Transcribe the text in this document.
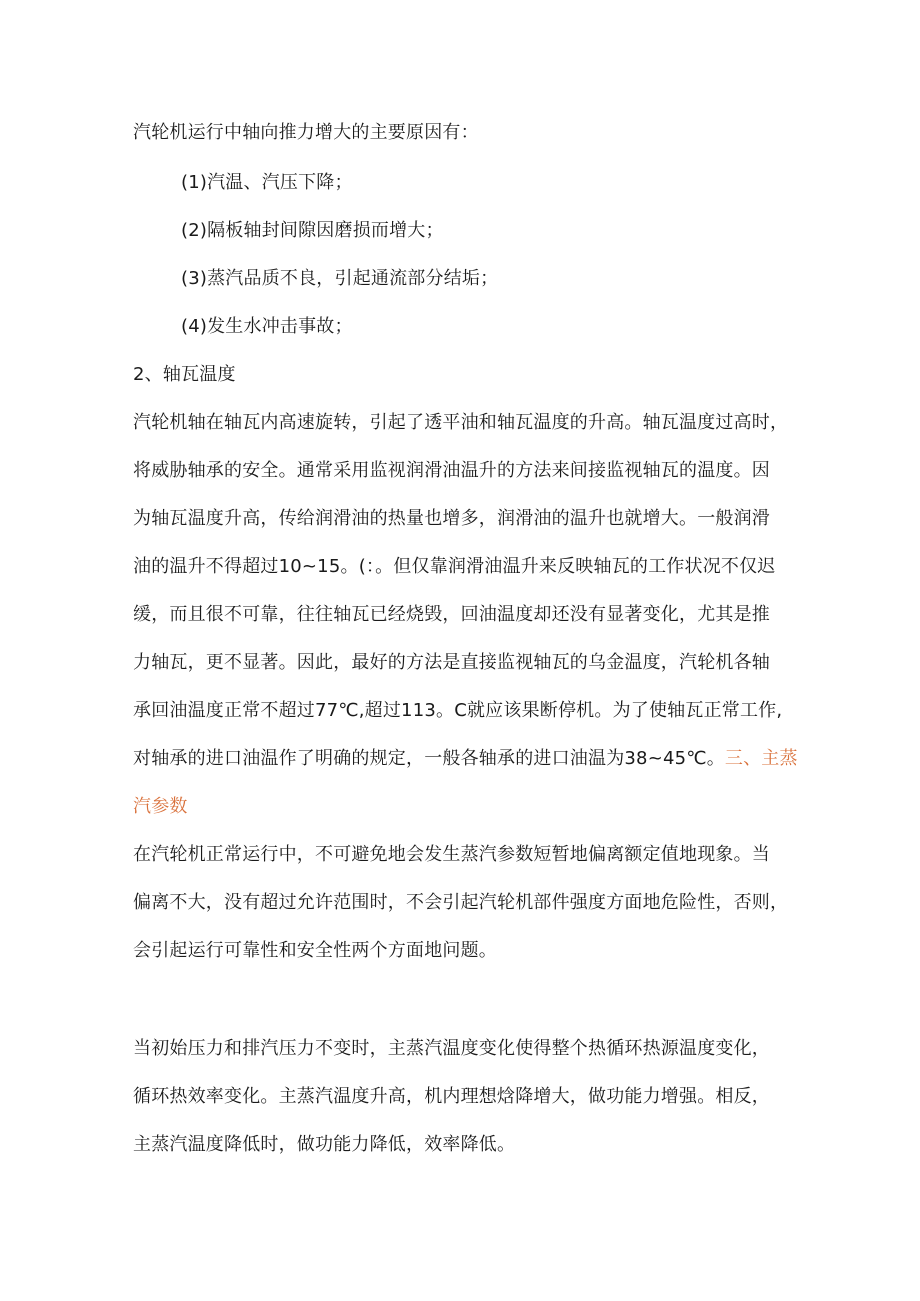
汽轮机运行中轴向推力增大的主要原因有：
(1)汽温、汽压下降；
(2)隔板轴封间隙因磨损而增大；
(3)蒸汽品质不良，引起通流部分结垢；
(4)发生水冲击事故；
2、轴瓦温度
汽轮机轴在轴瓦内高速旋转，引起了透平油和轴瓦温度的升高。轴瓦温度过高时，
将威胁轴承的安全。通常采用监视润滑油温升的方法来间接监视轴瓦的温度。因
为轴瓦温度升高，传给润滑油的热量也增多，润滑油的温升也就增大。一般润滑
油的温升不得超过10~15。(：。但仅靠润滑油温升来反映轴瓦的工作状况不仅迟
缓，而且很不可靠，往往轴瓦已经烧毁，回油温度却还没有显著变化，尤其是推
力轴瓦，更不显著。因此，最好的方法是直接监视轴瓦的乌金温度，汽轮机各轴
承回油温度正常不超过77℃,超过113。C就应该果断停机。为了使轴瓦正常工作,
对轴承的进口油温作了明确的规定，一般各轴承的进口油温为38~45℃。三、主蒸
汽参数
在汽轮机正常运行中，不可避免地会发生蒸汽参数短暂地偏离额定值地现象。当
偏离不大，没有超过允许范围时，不会引起汽轮机部件强度方面地危险性，否则，
会引起运行可靠性和安全性两个方面地问题。
当初始压力和排汽压力不变时，主蒸汽温度变化使得整个热循环热源温度变化，
循环热效率变化。主蒸汽温度升高，机内理想焓降增大，做功能力增强。相反，
主蒸汽温度降低时，做功能力降低，效率降低。
